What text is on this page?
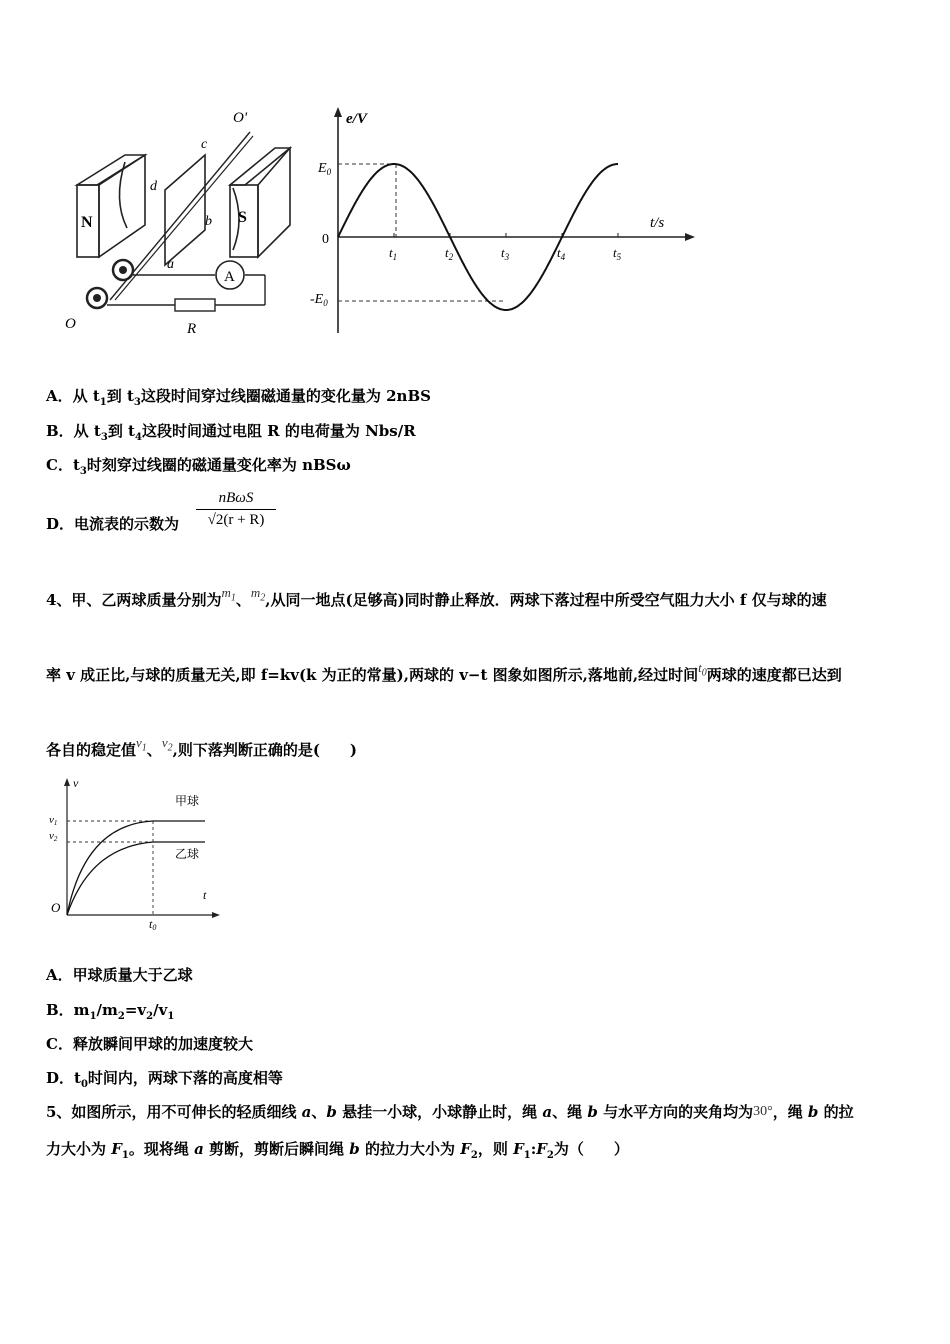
N	S
A
R
O'
O
c
d
b
a
e/V
t/s
$E_0$
$-E_0$
0
$t_1$	$t_2$	$t_3$	$t_4$	$t_5$
A．从 $t_1$到 $t_3$这段时间穿过线圈磁通量的变化量为 2nBS
B．从 $t_3$到 $t_4$这段时间通过电阻 R 的电荷量为 Nbs/R
C．$t_3$时刻穿过线圈的磁通量变化率为 nBSω
D．电流表的示数为
nBωS
√2(r + R)
4、甲、乙两球质量分别为$m_1$、$m_2$,从同一地点(足够高)同时静止释放．两球下落过程中所受空气阻力大小 f 仅与球的速
率 v 成正比,与球的质量无关,即 f=kv(k 为正的常量),两球的 v−t 图象如图所示,落地前,经过时间$t_0$两球的速度都已达到
各自的稳定值$v_1$、$v_2$,则下落判断正确的是(　　)
v
t
O
v1
v2
t0
甲球
乙球
A．甲球质量大于乙球
B．$m_1/m_2=v_2/v_1$
C．释放瞬间甲球的加速度较大
D．$t_0$时间内，两球下落的高度相等
5、如图所示，用不可伸长的轻质细线 a、b 悬挂一小球，小球静止时，绳 a、绳 b 与水平方向的夹角均为30°，绳 b 的拉
力大小为 $F_1$。现将绳 a 剪断，剪断后瞬间绳 b 的拉力大小为 $F_2$，则 $F_1:F_2$为（　　）
